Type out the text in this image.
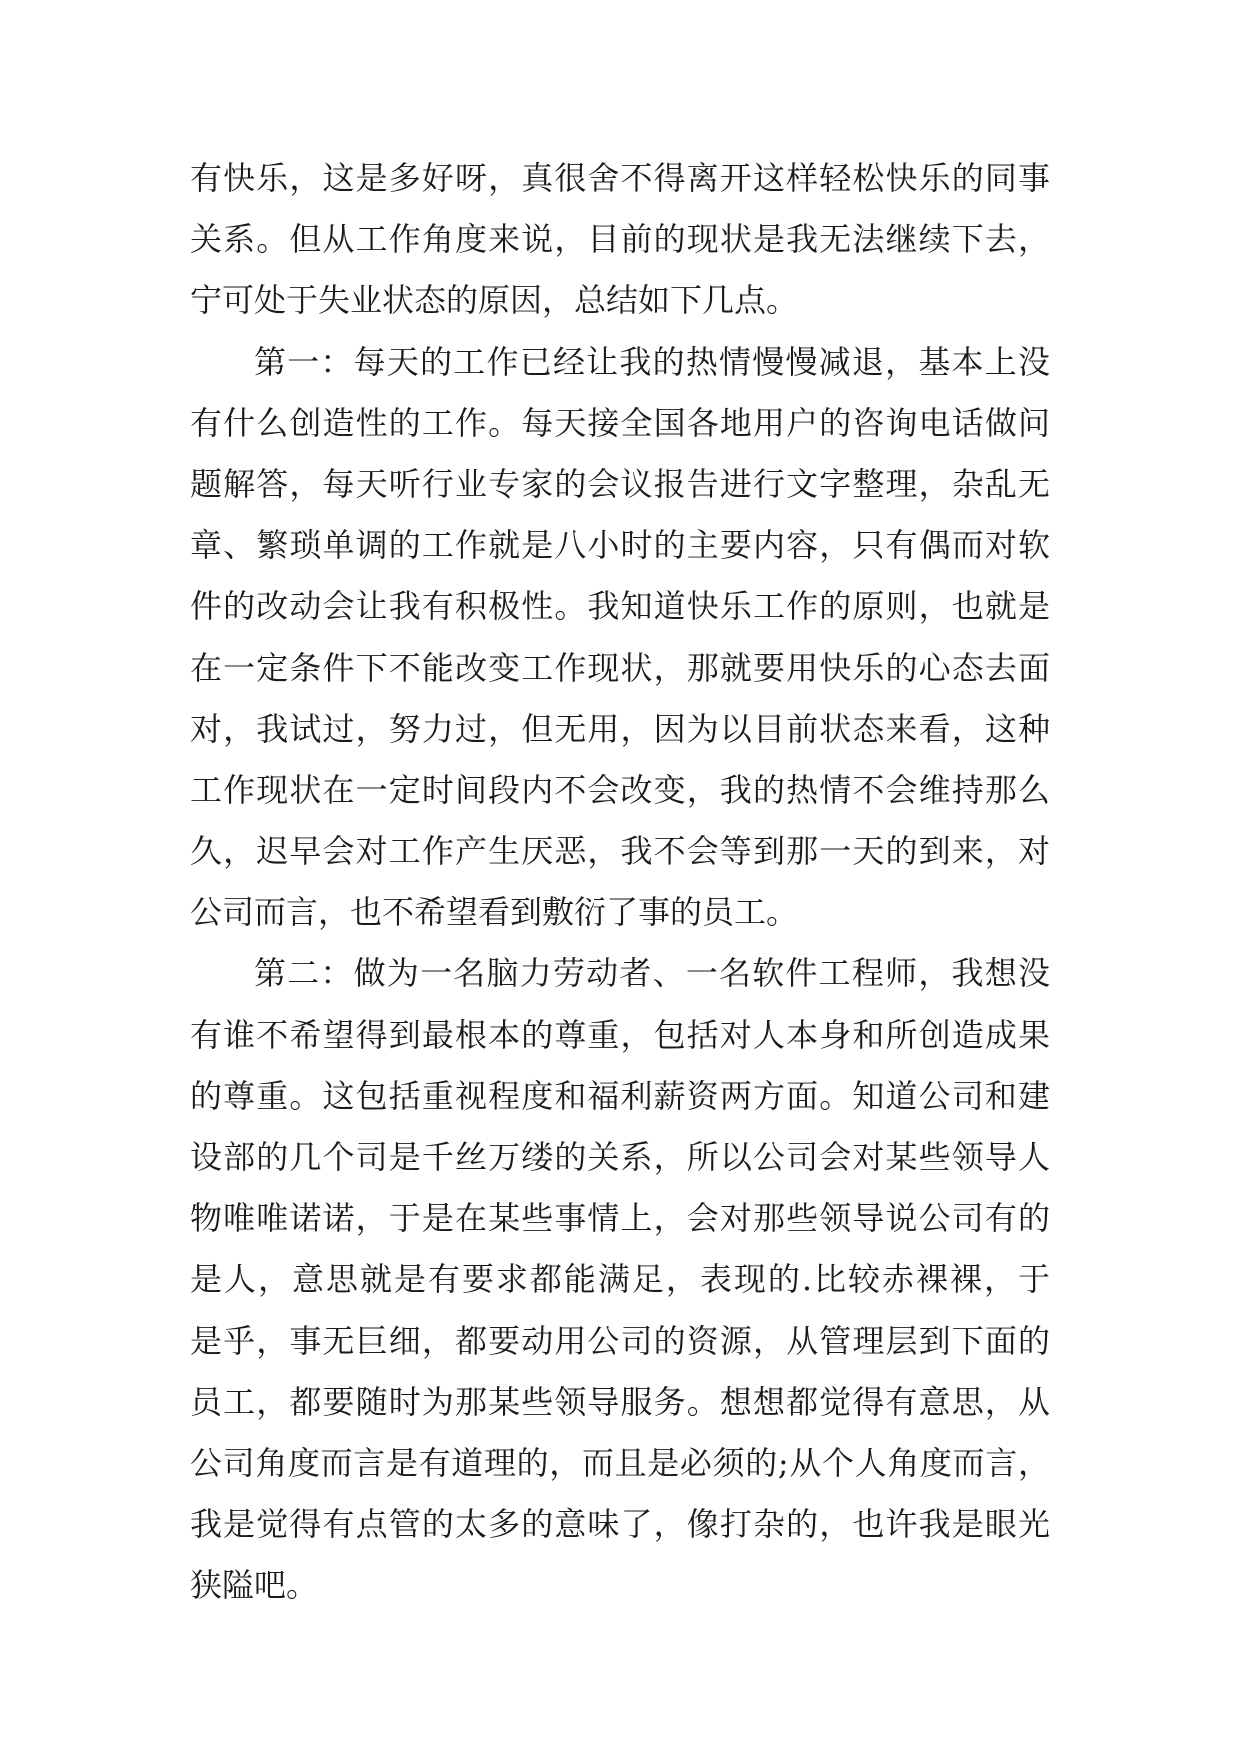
有快乐，这是多好呀，真很舍不得离开这样轻松快乐的同事
关系。但从工作角度来说，目前的现状是我无法继续下去，
宁可处于失业状态的原因，总结如下几点。
第一：每天的工作已经让我的热情慢慢减退，基本上没
有什么创造性的工作。每天接全国各地用户的咨询电话做问
题解答，每天听行业专家的会议报告进行文字整理，杂乱无
章、繁琐单调的工作就是八小时的主要内容，只有偶而对软
件的改动会让我有积极性。我知道快乐工作的原则，也就是
在一定条件下不能改变工作现状，那就要用快乐的心态去面
对，我试过，努力过，但无用，因为以目前状态来看，这种
工作现状在一定时间段内不会改变，我的热情不会维持那么
久，迟早会对工作产生厌恶，我不会等到那一天的到来，对
公司而言，也不希望看到敷衍了事的员工。
第二：做为一名脑力劳动者、一名软件工程师，我想没
有谁不希望得到最根本的尊重，包括对人本身和所创造成果
的尊重。这包括重视程度和福利薪资两方面。知道公司和建
设部的几个司是千丝万缕的关系，所以公司会对某些领导人
物唯唯诺诺，于是在某些事情上，会对那些领导说公司有的
是人，意思就是有要求都能满足，表现的.比较赤裸裸，于
是乎，事无巨细，都要动用公司的资源，从管理层到下面的
员工，都要随时为那某些领导服务。想想都觉得有意思，从
公司角度而言是有道理的，而且是必须的;从个人角度而言，
我是觉得有点管的太多的意味了，像打杂的，也许我是眼光
狭隘吧。
